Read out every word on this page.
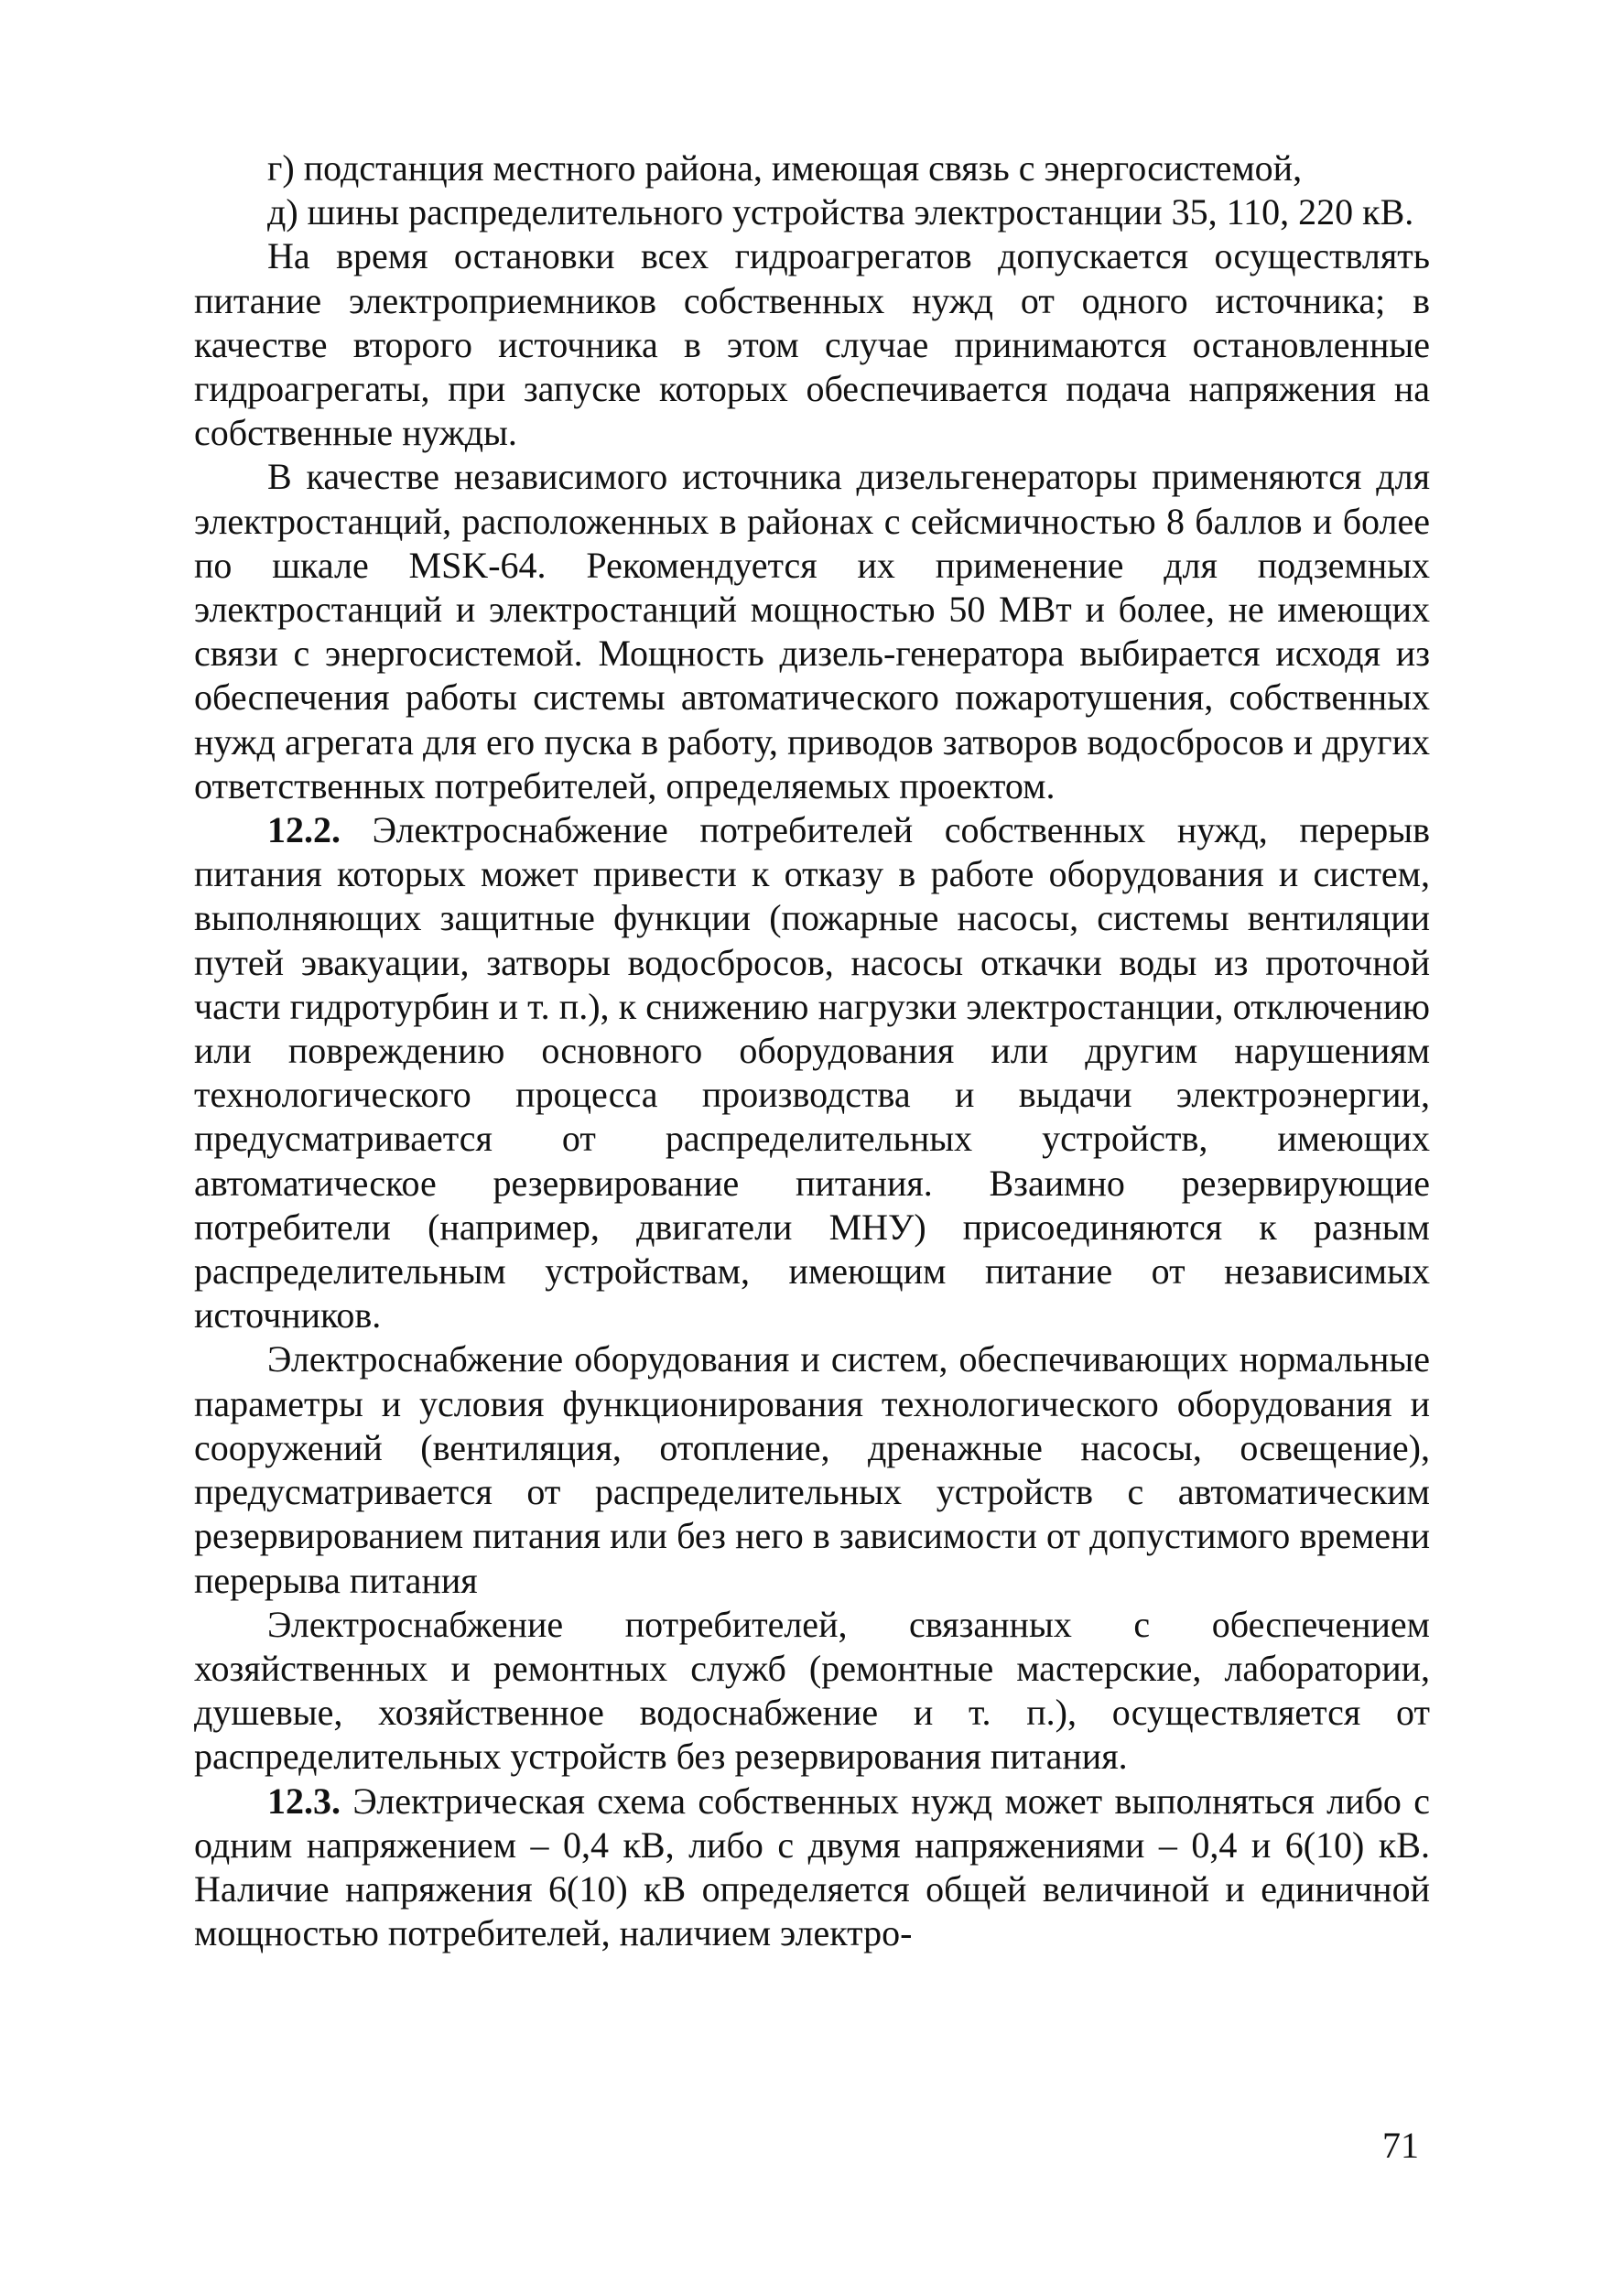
г) подстанция местного района, имеющая связь с энергосистемой,

д) шины распределительного устройства электростанции 35, 110, 220 кВ.

На время остановки всех гидроагрегатов допускается осуществлять питание электроприемников собственных нужд от одного источника; в качестве второго источника в этом случае принимаются остановленные гидроагрегаты, при запуске которых обеспечивается подача напряжения на собственные нужды.

В качестве независимого источника дизельгенераторы применяются для электростанций, расположенных в районах с сейсмичностью 8 баллов и более по шкале MSK-64. Рекомендуется их применение для подземных электростанций и электростанций мощностью 50 МВт и более, не имеющих связи с энергосистемой. Мощность дизель-генератора выбирается исходя из обеспечения работы системы автоматического пожаротушения, собственных нужд агрегата для его пуска в работу, приводов затворов водосбросов и других ответственных потребителей, определяемых проектом.

12.2. Электроснабжение потребителей собственных нужд, перерыв питания которых может привести к отказу в работе оборудования и систем, выполняющих защитные функции (пожарные насосы, системы вентиляции путей эвакуации, затворы водосбросов, насосы откачки воды из проточной части гидротурбин и т. п.), к снижению нагрузки электростанции, отключению или повреждению основного оборудования или другим нарушениям технологического процесса производства и выдачи электроэнергии, предусматривается от распределительных устройств, имеющих автоматическое резервирование питания. Взаимно резервирующие потребители (например, двигатели МНУ) присоединяются к разным распределительным устройствам, имеющим питание от независимых источников.

Электроснабжение оборудования и систем, обеспечивающих нормальные параметры и условия функционирования технологического оборудования и сооружений (вентиляция, отопление, дренажные насосы, освещение), предусматривается от распределительных устройств с автоматическим резервированием питания или без него в зависимости от допустимого времени перерыва питания

Электроснабжение потребителей, связанных с обеспечением хозяйственных и ремонтных служб (ремонтные мастерские, лаборатории, душевые, хозяйственное водоснабжение и т. п.), осуществляется от распределительных устройств без резервирования питания.

12.3. Электрическая схема собственных нужд может выполняться либо с одним напряжением – 0,4 кВ, либо с двумя напряжениями – 0,4 и 6(10) кВ. Наличие напряжения 6(10) кВ определяется общей величиной и единичной мощностью потребителей, наличием электро-

71
